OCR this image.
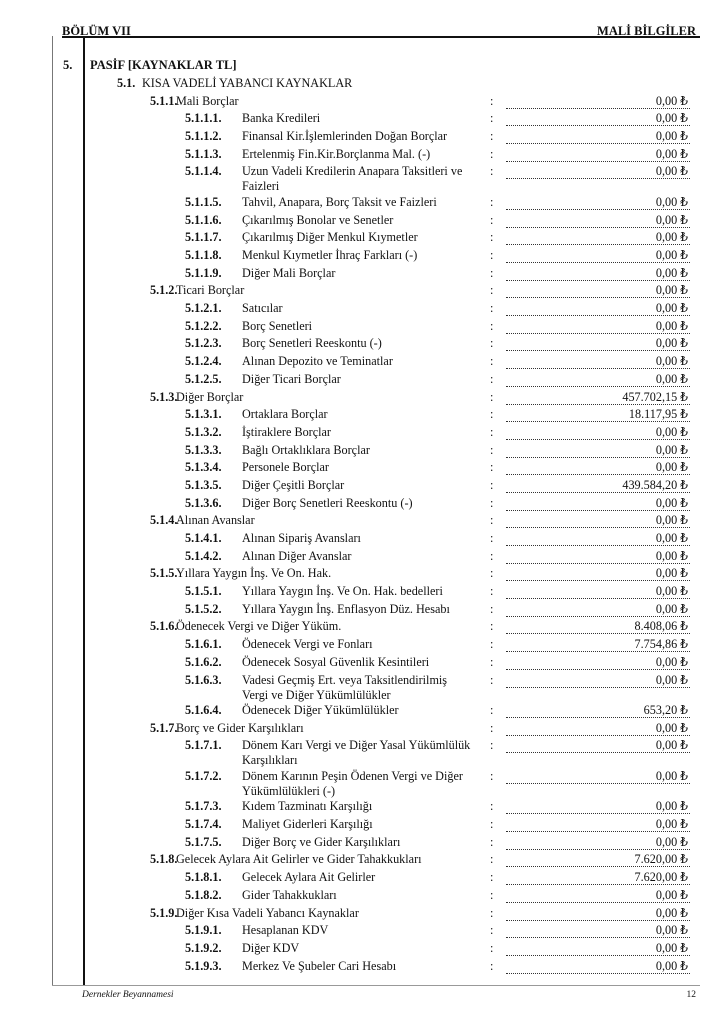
BÖLÜM VII	MALİ BİLGİLER
5. PASİF [KAYNAKLAR TL]
5.1. KISA VADELİ YABANCI KAYNAKLAR
5.1.1.
Mali Borçlar	:	0,00 ₺
5.1.1.1. Banka Kredileri	:	0,00 ₺
5.1.1.2. Finansal Kir.İşlemlerinden Doğan Borçlar	:	0,00 ₺
5.1.1.3. Ertelenmiş Fin.Kir.Borçlanma Mal. (-)	:	0,00 ₺
5.1.1.4. Uzun Vadeli Kredilerin Anapara Taksitleri ve Faizleri
:	0,00 ₺
5.1.1.5. Tahvil, Anapara, Borç Taksit ve Faizleri	:	0,00 ₺
5.1.1.6. Çıkarılmış Bonolar ve Senetler	:	0,00 ₺
5.1.1.7. Çıkarılmış Diğer Menkul Kıymetler	:	0,00 ₺
5.1.1.8. Menkul Kıymetler İhraç Farkları (-)	:	0,00 ₺
5.1.1.9. Diğer Mali Borçlar	:	0,00 ₺
5.1.2.
Ticari Borçlar	:	0,00 ₺
5.1.2.1. Satıcılar	:	0,00 ₺
5.1.2.2. Borç Senetleri	:	0,00 ₺
5.1.2.3. Borç Senetleri Reeskontu (-)	:	0,00 ₺
5.1.2.4. Alınan Depozito ve Teminatlar	:	0,00 ₺
5.1.2.5. Diğer Ticari Borçlar	:	0,00 ₺
5.1.3.
Diğer Borçlar	:	457.702,15 ₺
5.1.3.1. Ortaklara Borçlar	:	18.117,95 ₺
5.1.3.2. İştiraklere Borçlar	:	0,00 ₺
5.1.3.3. Bağlı Ortaklıklara Borçlar	:	0,00 ₺
5.1.3.4. Personele Borçlar	:	0,00 ₺
5.1.3.5. Diğer Çeşitli Borçlar	:	439.584,20 ₺
5.1.3.6. Diğer Borç Senetleri Reeskontu (-)	:	0,00 ₺
5.1.4.
Alınan Avanslar	:	0,00 ₺
5.1.4.1. Alınan Sipariş Avansları	:	0,00 ₺
5.1.4.2. Alınan Diğer Avanslar	:	0,00 ₺
5.1.5.
Yıllara Yaygın İnş. Ve On. Hak.	:	0,00 ₺
5.1.5.1. Yıllara Yaygın İnş. Ve On. Hak. bedelleri	:	0,00 ₺
5.1.5.2. Yıllara Yaygın İnş. Enflasyon Düz. Hesabı	:	0,00 ₺
5.1.6.
Ödenecek Vergi ve Diğer Yüküm.	:	8.408,06 ₺
5.1.6.1. Ödenecek Vergi ve Fonları	:	7.754,86 ₺
5.1.6.2. Ödenecek Sosyal Güvenlik Kesintileri	:	0,00 ₺
5.1.6.3. Vadesi Geçmiş Ert. veya Taksitlendirilmiş Vergi ve Diğer Yükümlülükler
:	0,00 ₺
5.1.6.4. Ödenecek Diğer Yükümlülükler	:	653,20 ₺
5.1.7.
Borç ve Gider Karşılıkları	:	0,00 ₺
5.1.7.1. Dönem Karı Vergi ve Diğer Yasal Yükümlülük Karşılıkları
:	0,00 ₺
5.1.7.2. Dönem Karının Peşin Ödenen Vergi ve Diğer Yükümlülükleri (-)
:	0,00 ₺
5.1.7.3. Kıdem Tazminatı Karşılığı	:	0,00 ₺
5.1.7.4. Maliyet Giderleri Karşılığı	:	0,00 ₺
5.1.7.5. Diğer Borç ve Gider Karşılıkları	:	0,00 ₺
5.1.8.
Gelecek Aylara Ait Gelirler ve Gider Tahakkukları	:	7.620,00 ₺
5.1.8.1. Gelecek Aylara Ait Gelirler	:	7.620,00 ₺
5.1.8.2. Gider Tahakkukları	:	0,00 ₺
5.1.9.
Diğer Kısa Vadeli Yabancı Kaynaklar	:	0,00 ₺
5.1.9.1. Hesaplanan KDV	:	0,00 ₺
5.1.9.2. Diğer KDV	:	0,00 ₺
5.1.9.3. Merkez Ve Şubeler Cari Hesabı	:	0,00 ₺
Dernekler Beyannamesi	12
